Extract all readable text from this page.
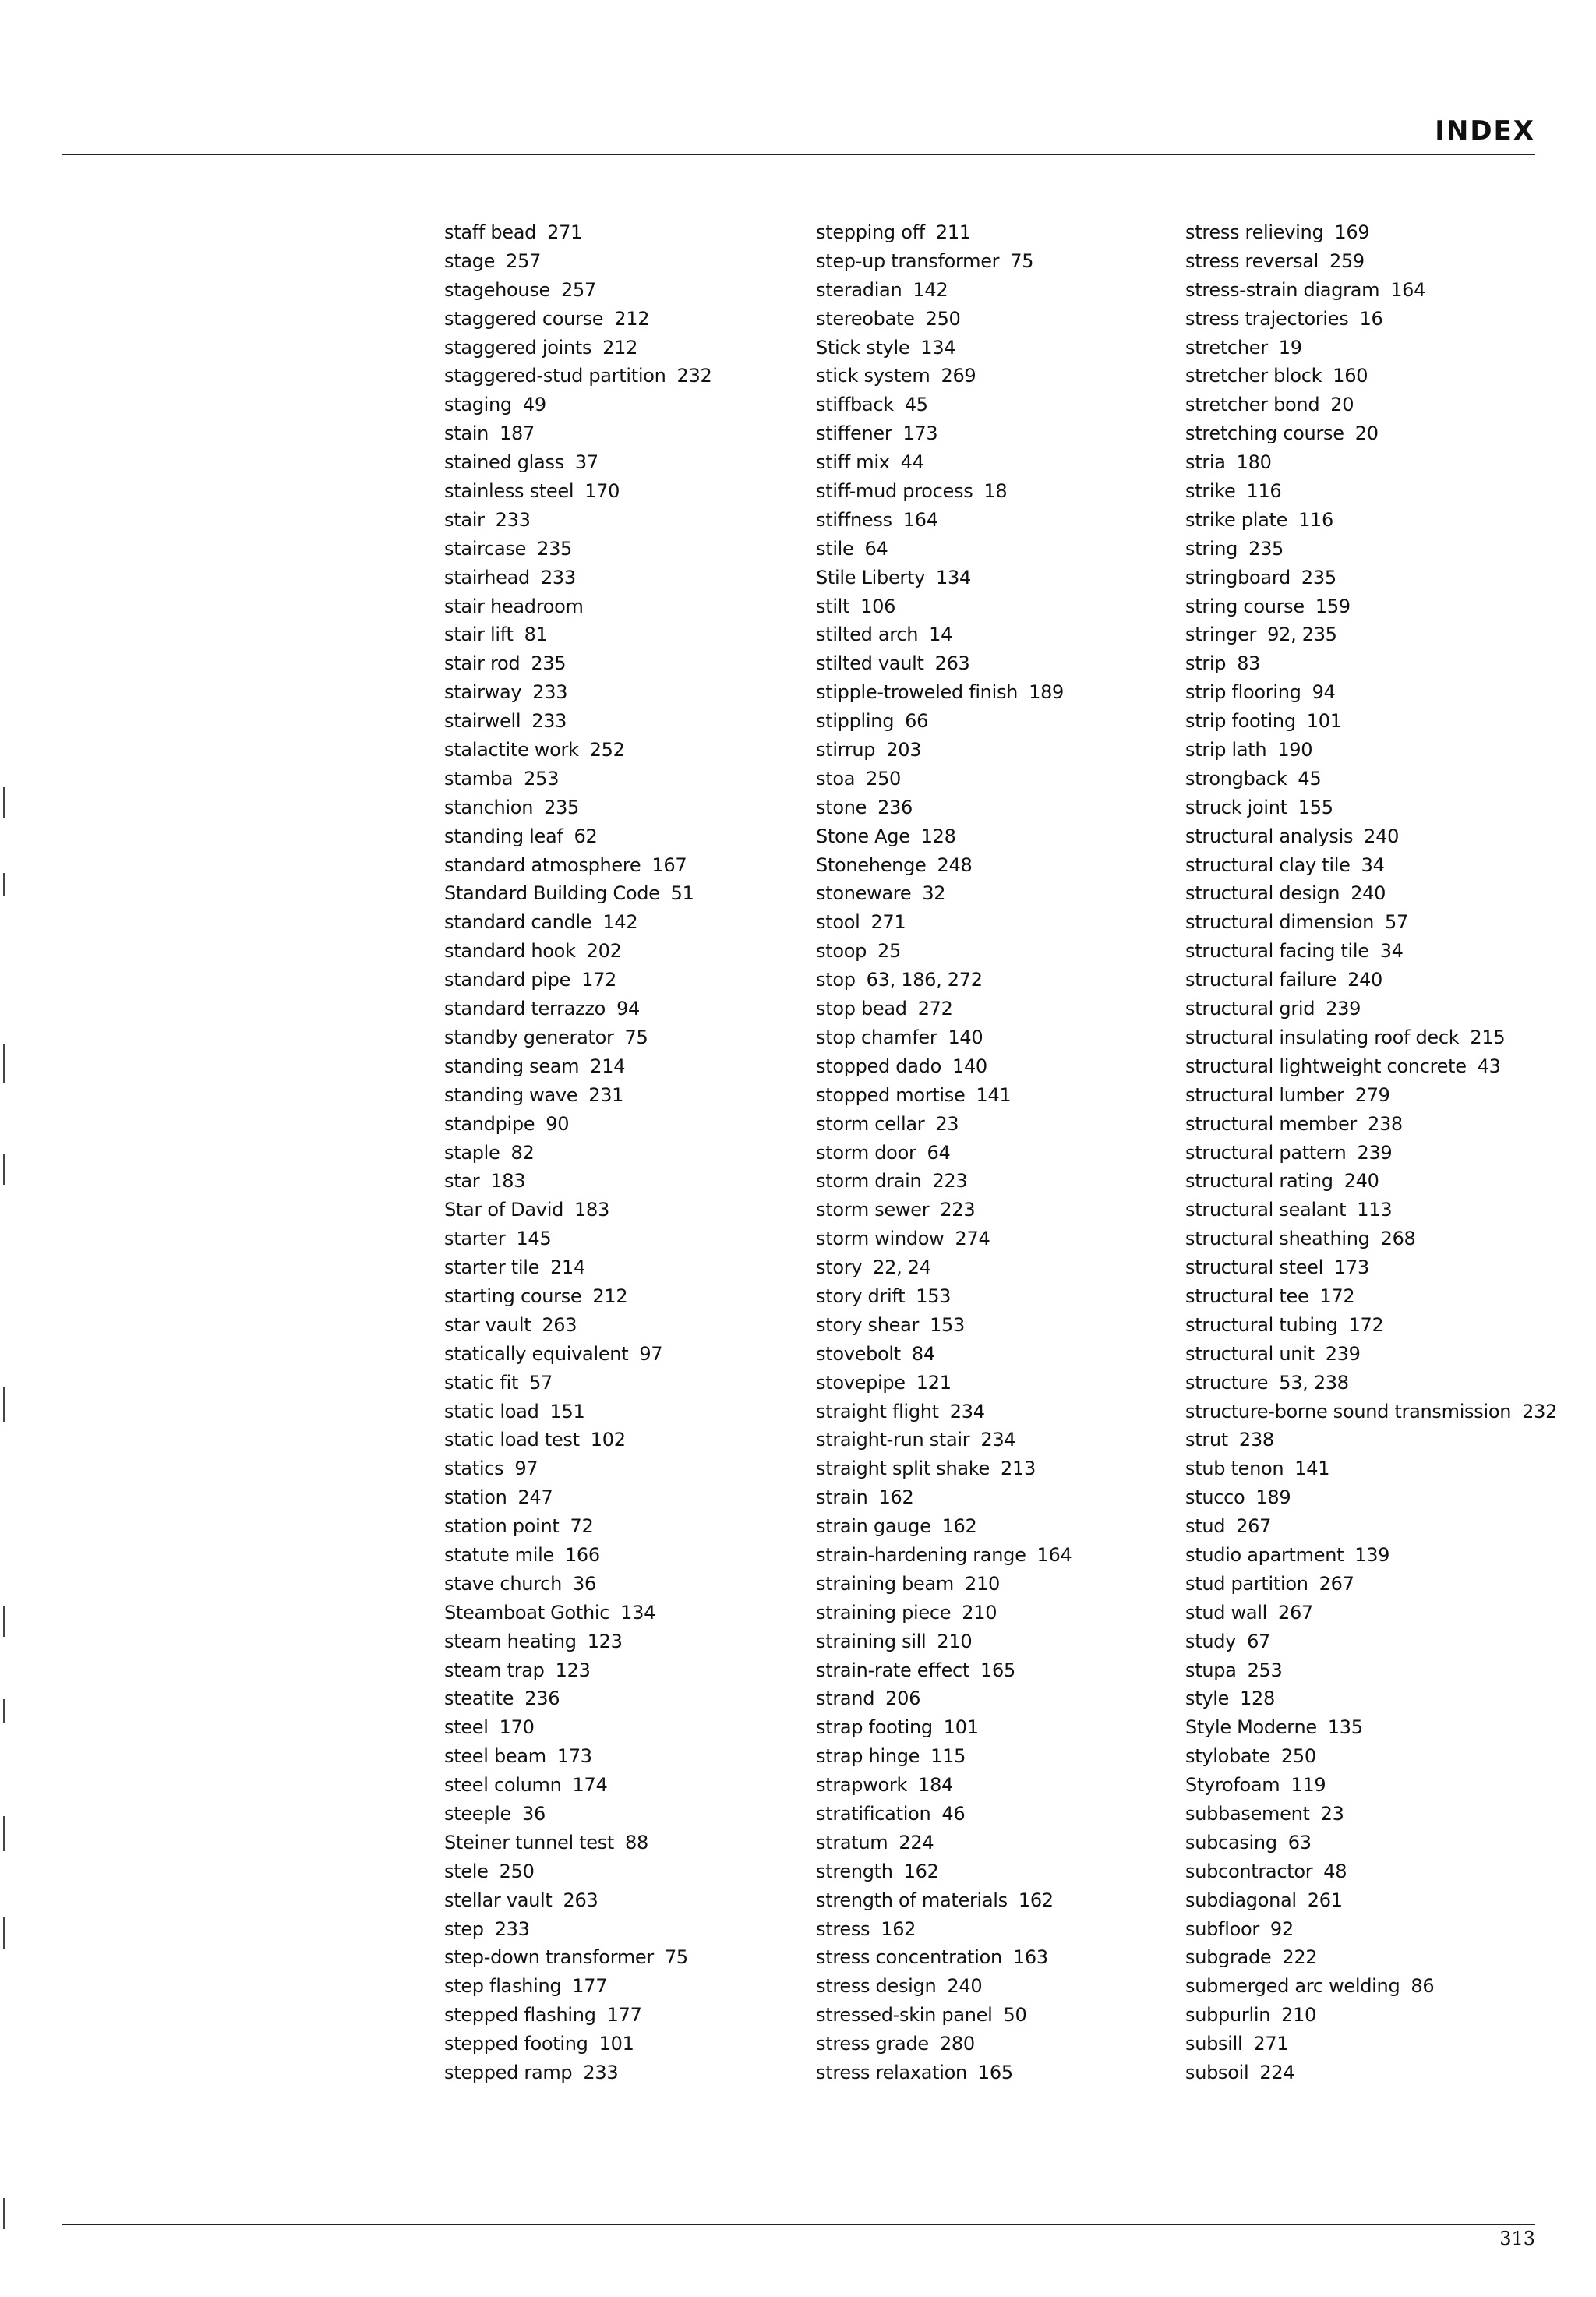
INDEX
staff bead 271
stage 257
stagehouse 257
staggered course 212
staggered joints 212
staggered-stud partition 232
staging 49
stain 187
stained glass 37
stainless steel 170
stair 233
staircase 235
stairhead 233
stair headroom
stair lift 81
stair rod 235
stairway 233
stairwell 233
stalactite work 252
stamba 253
stanchion 235
standing leaf 62
standard atmosphere 167
Standard Building Code 51
standard candle 142
standard hook 202
standard pipe 172
standard terrazzo 94
standby generator 75
standing seam 214
standing wave 231
standpipe 90
staple 82
star 183
Star of David 183
starter 145
starter tile 214
starting course 212
star vault 263
statically equivalent 97
static fit 57
static load 151
static load test 102
statics 97
station 247
station point 72
statute mile 166
stave church 36
Steamboat Gothic 134
steam heating 123
steam trap 123
steatite 236
steel 170
steel beam 173
steel column 174
steeple 36
Steiner tunnel test 88
stele 250
stellar vault 263
step 233
step-down transformer 75
step flashing 177
stepped flashing 177
stepped footing 101
stepped ramp 233
stepping off 211
step-up transformer 75
steradian 142
stereobate 250
Stick style 134
stick system 269
stiffback 45
stiffener 173
stiff mix 44
stiff-mud process 18
stiffness 164
stile 64
Stile Liberty 134
stilt 106
stilted arch 14
stilted vault 263
stipple-troweled finish 189
stippling 66
stirrup 203
stoa 250
stone 236
Stone Age 128
Stonehenge 248
stoneware 32
stool 271
stoop 25
stop 63, 186, 272
stop bead 272
stop chamfer 140
stopped dado 140
stopped mortise 141
storm cellar 23
storm door 64
storm drain 223
storm sewer 223
storm window 274
story 22, 24
story drift 153
story shear 153
stovebolt 84
stovepipe 121
straight flight 234
straight-run stair 234
straight split shake 213
strain 162
strain gauge 162
strain-hardening range 164
straining beam 210
straining piece 210
straining sill 210
strain-rate effect 165
strand 206
strap footing 101
strap hinge 115
strapwork 184
stratification 46
stratum 224
strength 162
strength of materials 162
stress 162
stress concentration 163
stress design 240
stressed-skin panel 50
stress grade 280
stress relaxation 165
stress relieving 169
stress reversal 259
stress-strain diagram 164
stress trajectories 16
stretcher 19
stretcher block 160
stretcher bond 20
stretching course 20
stria 180
strike 116
strike plate 116
string 235
stringboard 235
string course 159
stringer 92, 235
strip 83
strip flooring 94
strip footing 101
strip lath 190
strongback 45
struck joint 155
structural analysis 240
structural clay tile 34
structural design 240
structural dimension 57
structural facing tile 34
structural failure 240
structural grid 239
structural insulating roof deck 215
structural lightweight concrete 43
structural lumber 279
structural member 238
structural pattern 239
structural rating 240
structural sealant 113
structural sheathing 268
structural steel 173
structural tee 172
structural tubing 172
structural unit 239
structure 53, 238
structure-borne sound transmission 232
strut 238
stub tenon 141
stucco 189
stud 267
studio apartment 139
stud partition 267
stud wall 267
study 67
stupa 253
style 128
Style Moderne 135
stylobate 250
Styrofoam 119
subbasement 23
subcasing 63
subcontractor 48
subdiagonal 261
subfloor 92
subgrade 222
submerged arc welding 86
subpurlin 210
subsill 271
subsoil 224
313
